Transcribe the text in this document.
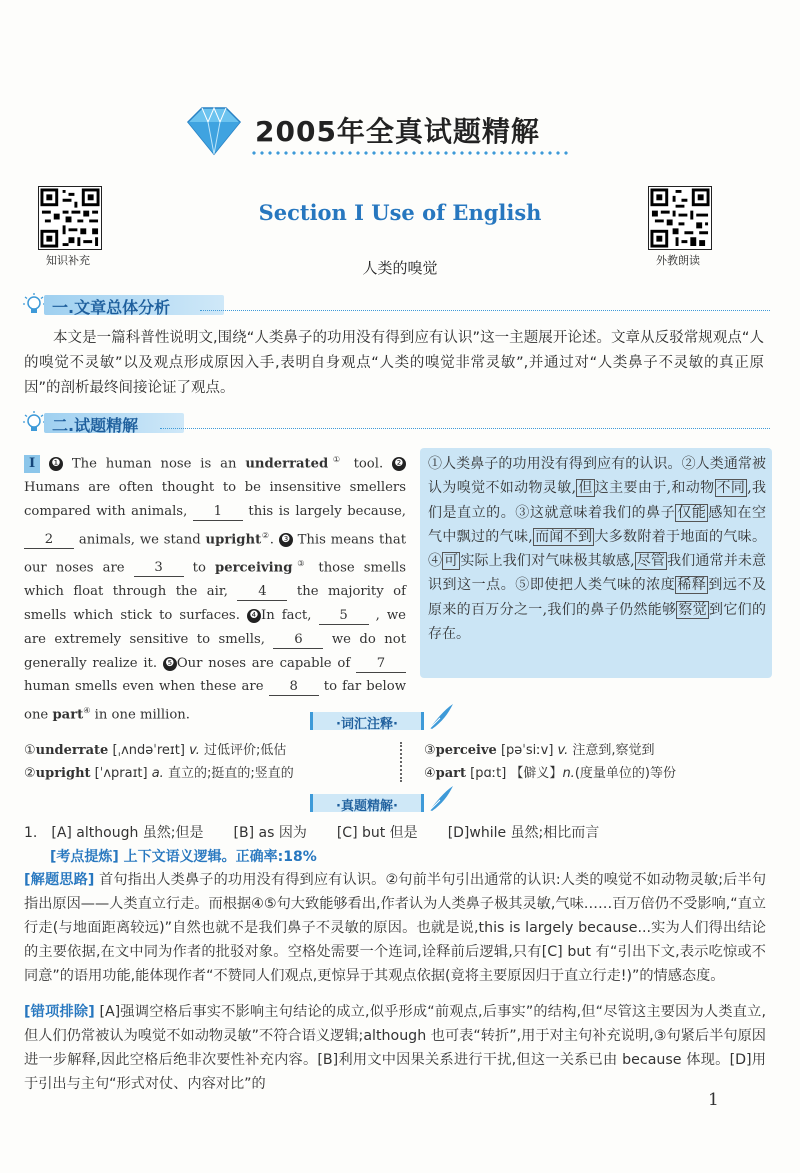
2005年全真试题精解
知识补充	外教朗读
Section Ⅰ Use of English
人类的嗅觉
一.文章总体分析
本文是一篇科普性说明文,围绕“人类鼻子的功用没有得到应有认识”这一主题展开论述。文章从反驳常规观点“人的嗅觉不灵敏”以及观点形成原因入手,表明自身观点“人类的嗅觉非常灵敏”,并通过对“人类鼻子不灵敏的真正原因”的剖析最终间接论证了观点。
二.试题精解
Ⅰ ❶ The human nose is an underrated① tool. ❷ Humans are often thought to be insensitive smellers compared with animals, 1 this is largely because, 2 animals, we stand upright②. ❸ This means that our noses are 3 to perceiving③ those smells which float through the air, 4 the majority of smells which stick to surfaces. ❹ In fact, 5 , we are extremely sensitive to smells, 6 we do not generally realize it. ❺ Our noses are capable of 7 human smells even when these are 8 to far below one part④ in one million.
①人类鼻子的功用没有得到应有的认识。②人类通常被认为嗅觉不如动物灵敏, 但 这主要由于,和动物 不同 ,我们是直立的。③这就意味着我们的鼻子 仅能 感知在空气中飘过的气味, 而闻不到 大多数附着于地面的气味。④ 可 实际上我们对气味极其敏感, 尽管 我们通常并未意识到这一点。⑤即使把人类气味的浓度 稀释 到远不及原来的百万分之一,我们的鼻子仍然能够 察觉 到它们的存在。
·词汇注释·
①underrate [ˌʌndəˈreɪt] v. 过低评价;低估
②upright [ˈʌpraɪt] a. 直立的;挺直的;竖直的
③perceive [pəˈsiːv] v. 注意到,察觉到
④part [pɑːt] 【僻义】n.(度量单位的)等份
·真题精解·
1. [A] although 虽然;但是 [B] as 因为 [C] but 但是 [D]while 虽然;相比而言
[考点提炼] 上下文语义逻辑。正确率:18%
[解题思路] 首句指出人类鼻子的功用没有得到应有认识。②句前半句引出通常的认识:人类的嗅觉不如动物灵敏;后半句指出原因——人类直立行走。而根据④⑤句大致能够看出,作者认为人类鼻子极其灵敏,气味……百万倍仍不受影响,“直立行走(与地面距离较远)”自然也就不是我们鼻子不灵敏的原因。也就是说,this is largely because...实为人们得出结论的主要依据,在文中同为作者的批驳对象。空格处需要一个连词,诠释前后逻辑,只有[C] but 有“引出下文,表示吃惊或不同意”的语用功能,能体现作者“不赞同人们观点,更惊异于其观点依据(竟将主要原因归于直立行走!)”的情感态度。
[错项排除] [A]强调空格后事实不影响主句结论的成立,似乎形成“前观点,后事实”的结构,但“尽管这主要因为人类直立,但人们仍常被认为嗅觉不如动物灵敏”不符合语义逻辑;although 也可表“转折”,用于对主句补充说明,③句紧后半句原因进一步解释,因此空格后绝非次要性补充内容。[B]利用文中因果关系进行干扰,但这一关系已由 because 体现。[D]用于引出与主句“形式对仗、内容对比”的
1
